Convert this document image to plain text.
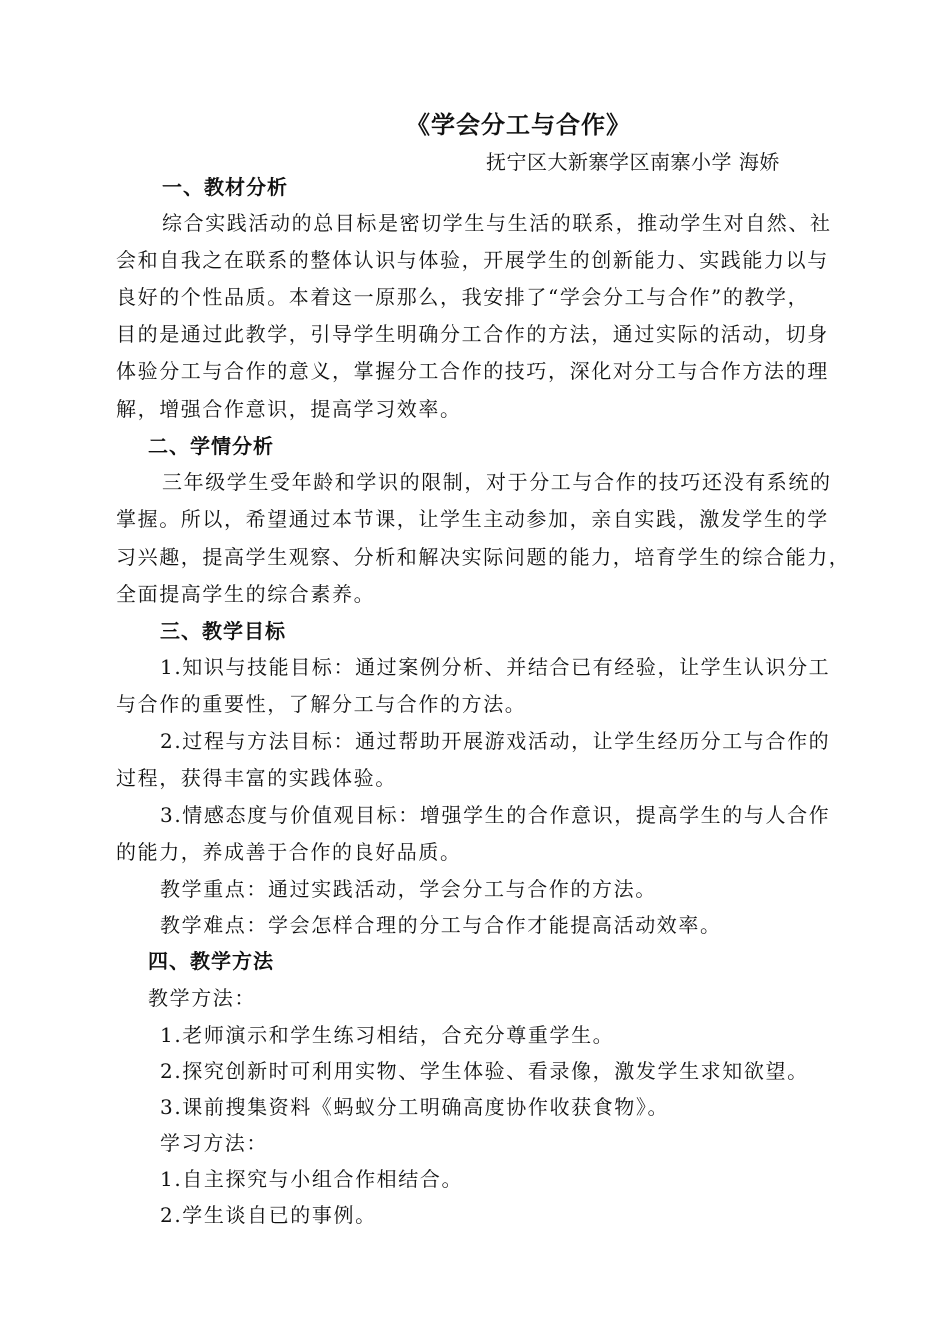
《学会分工与合作》
抚宁区大新寨学区南寨小学 海娇
一、教材分析
综合实践活动的总目标是密切学生与生活的联系，推动学生对自然、社
会和自我之在联系的整体认识与体验，开展学生的创新能力、实践能力以与
良好的个性品质。本着这一原那么，我安排了“学会分工与合作”的教学，
目的是通过此教学，引导学生明确分工合作的方法，通过实际的活动，切身
体验分工与合作的意义，掌握分工合作的技巧，深化对分工与合作方法的理
解，增强合作意识，提高学习效率。
二、学情分析
三年级学生受年龄和学识的限制，对于分工与合作的技巧还没有系统的
掌握。所以，希望通过本节课，让学生主动参加，亲自实践，激发学生的学
习兴趣，提高学生观察、分析和解决实际问题的能力，培育学生的综合能力，
全面提高学生的综合素养。
三、教学目标
1.知识与技能目标：通过案例分析、并结合已有经验，让学生认识分工
与合作的重要性，了解分工与合作的方法。
2.过程与方法目标：通过帮助开展游戏活动，让学生经历分工与合作的
过程，获得丰富的实践体验。
3.情感态度与价值观目标：增强学生的合作意识，提高学生的与人合作
的能力，养成善于合作的良好品质。
教学重点：通过实践活动，学会分工与合作的方法。
教学难点：学会怎样合理的分工与合作才能提高活动效率。
四、教学方法
教学方法：
1.老师演示和学生练习相结，合充分尊重学生。
2.探究创新时可利用实物、学生体验、看录像，激发学生求知欲望。
3.课前搜集资料《蚂蚁分工明确高度协作收获食物》。
学习方法：
1.自主探究与小组合作相结合。
2.学生谈自已的事例。
